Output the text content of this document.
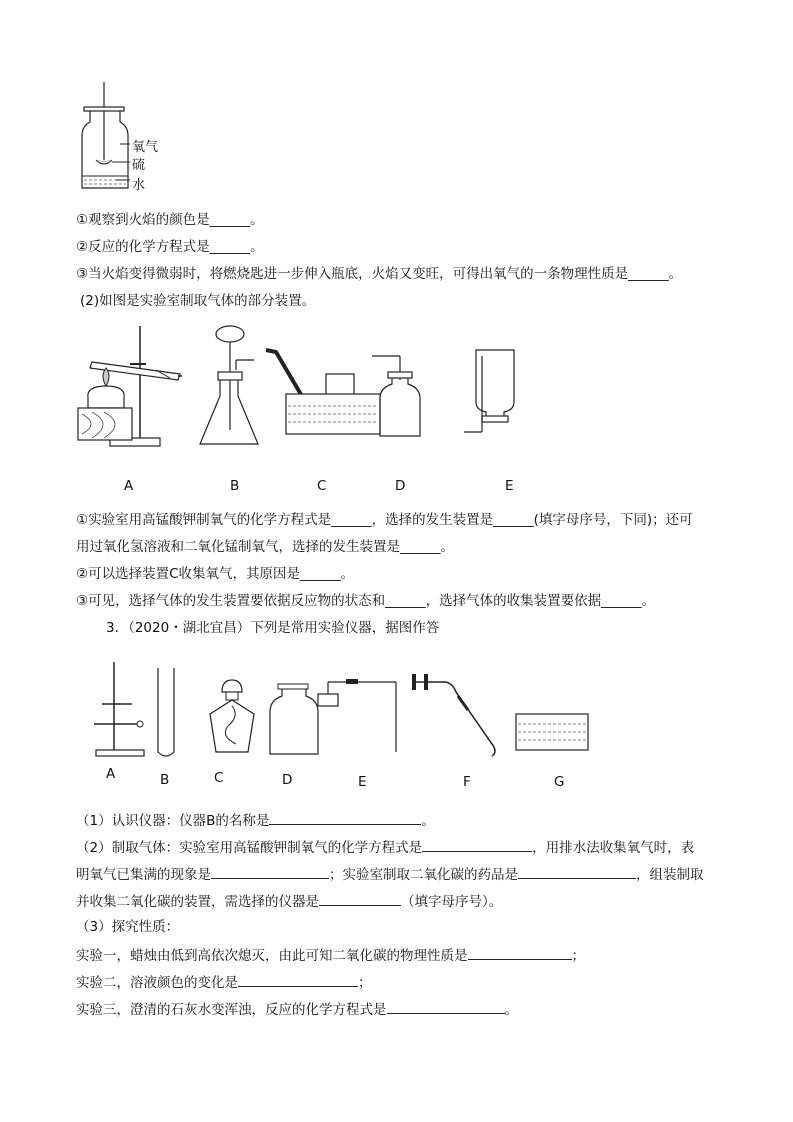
氧气
硫
水
①观察到火焰的颜色是______。
②反应的化学方程式是______。
③当火焰变得微弱时，将燃烧匙进一步伸入瓶底，火焰又变旺，可得出氧气的一条物理性质是______。
(2)如图是实验室制取气体的部分装置。
A	B	C	D	E
①实验室用高锰酸钾制氧气的化学方程式是______，选择的发生装置是______(填字母序号，下同)；还可
用过氧化氢溶液和二氧化锰制氧气，选择的发生装置是______。
②可以选择装置C收集氧气，其原因是______。
③可见，选择气体的发生装置要依据反应物的状态和______，选择气体的收集装置要依据______。
3．（2020・湖北宜昌）下列是常用实验仪器，据图作答
A	B	C	D	E	F	G
（1）认识仪器：仪器B的名称是	。
（2）制取气体：实验室用高锰酸钾制氧气的化学方程式是	，用排水法收集氧气时，表
明氧气已集满的现象是	；实验室制取二氧化碳的药品是	，组装制取
并收集二氧化碳的装置，需选择的仪器是	（填字母序号）。
（3）探究性质：
实验一，蜡烛由低到高依次熄灭，由此可知二氧化碳的物理性质是	；
实验二，溶液颜色的变化是	；
实验三，澄清的石灰水变浑浊，反应的化学方程式是	。
